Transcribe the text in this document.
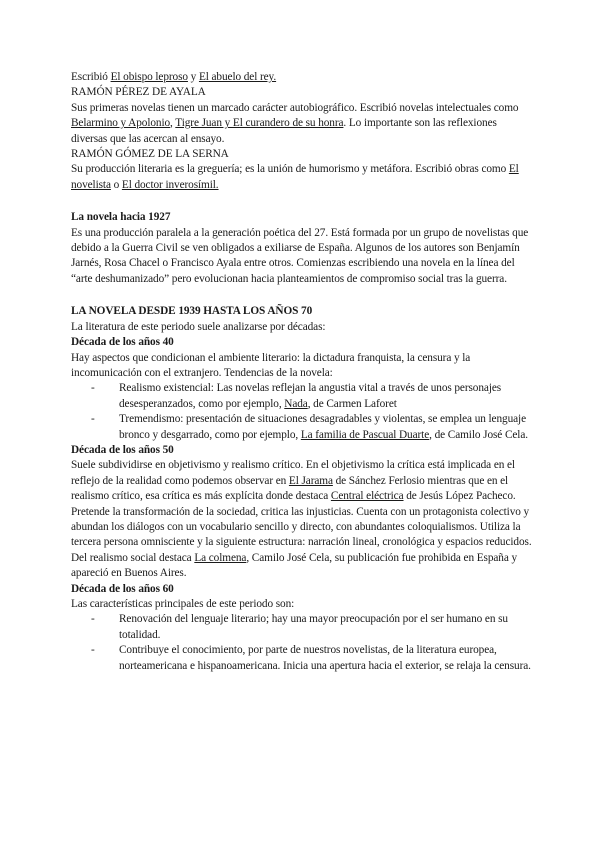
Escribió El obispo leproso y El abuelo del rey.

RAMÓN PÉREZ DE AYALA

Sus primeras novelas tienen un marcado carácter autobiográfico. Escribió novelas intelectuales como Belarmino y Apolonio, Tigre Juan y El curandero de su honra. Lo importante son las reflexiones diversas que las acercan al ensayo.

RAMÓN GÓMEZ DE LA SERNA

Su producción literaria es la greguería; es la unión de humorismo y metáfora. Escribió obras como El novelista o El doctor inverosímil.

La novela hacia 1927

Es una producción paralela a la generación poética del 27. Está formada por un grupo de novelistas que debido a la Guerra Civil se ven obligados a exiliarse de España. Algunos de los autores son Benjamín Jarnés, Rosa Chacel o Francisco Ayala entre otros. Comienzas escribiendo una novela en la línea del “arte deshumanizado” pero evolucionan hacia planteamientos de compromiso social tras la guerra.

LA NOVELA DESDE 1939 HASTA LOS AÑOS 70

La literatura de este periodo suele analizarse por décadas:

Década de los años 40

Hay aspectos que condicionan el ambiente literario: la dictadura franquista, la censura y la incomunicación con el extranjero. Tendencias de la novela:

- Realismo existencial: Las novelas reflejan la angustia vital a través de unos personajes desesperanzados, como por ejemplo, Nada, de Carmen Laforet
- Tremendismo: presentación de situaciones desagradables y violentas, se emplea un lenguaje bronco y desgarrado, como por ejemplo, La familia de Pascual Duarte, de Camilo José Cela.

Década de los años 50

Suele subdividirse en objetivismo y realismo crítico. En el objetivismo la crítica está implicada en el reflejo de la realidad como podemos observar en El Jarama de Sánchez Ferlosio mientras que en el realismo crítico, esa crítica es más explícita donde destaca Central eléctrica de Jesús López Pacheco.

Pretende la transformación de la sociedad, critica las injusticias. Cuenta con un protagonista colectivo y abundan los diálogos con un vocabulario sencillo y directo, con abundantes coloquialismos. Utiliza la tercera persona omnisciente y la siguiente estructura: narración lineal, cronológica y espacios reducidos. Del realismo social destaca La colmena, Camilo José Cela, su publicación fue prohibida en España y apareció en Buenos Aires.

Década de los años 60

Las características principales de este periodo son:

- Renovación del lenguaje literario; hay una mayor preocupación por el ser humano en su totalidad.
- Contribuye el conocimiento, por parte de nuestros novelistas, de la literatura europea, norteamericana e hispanoamericana. Inicia una apertura hacia el exterior, se relaja la censura.
